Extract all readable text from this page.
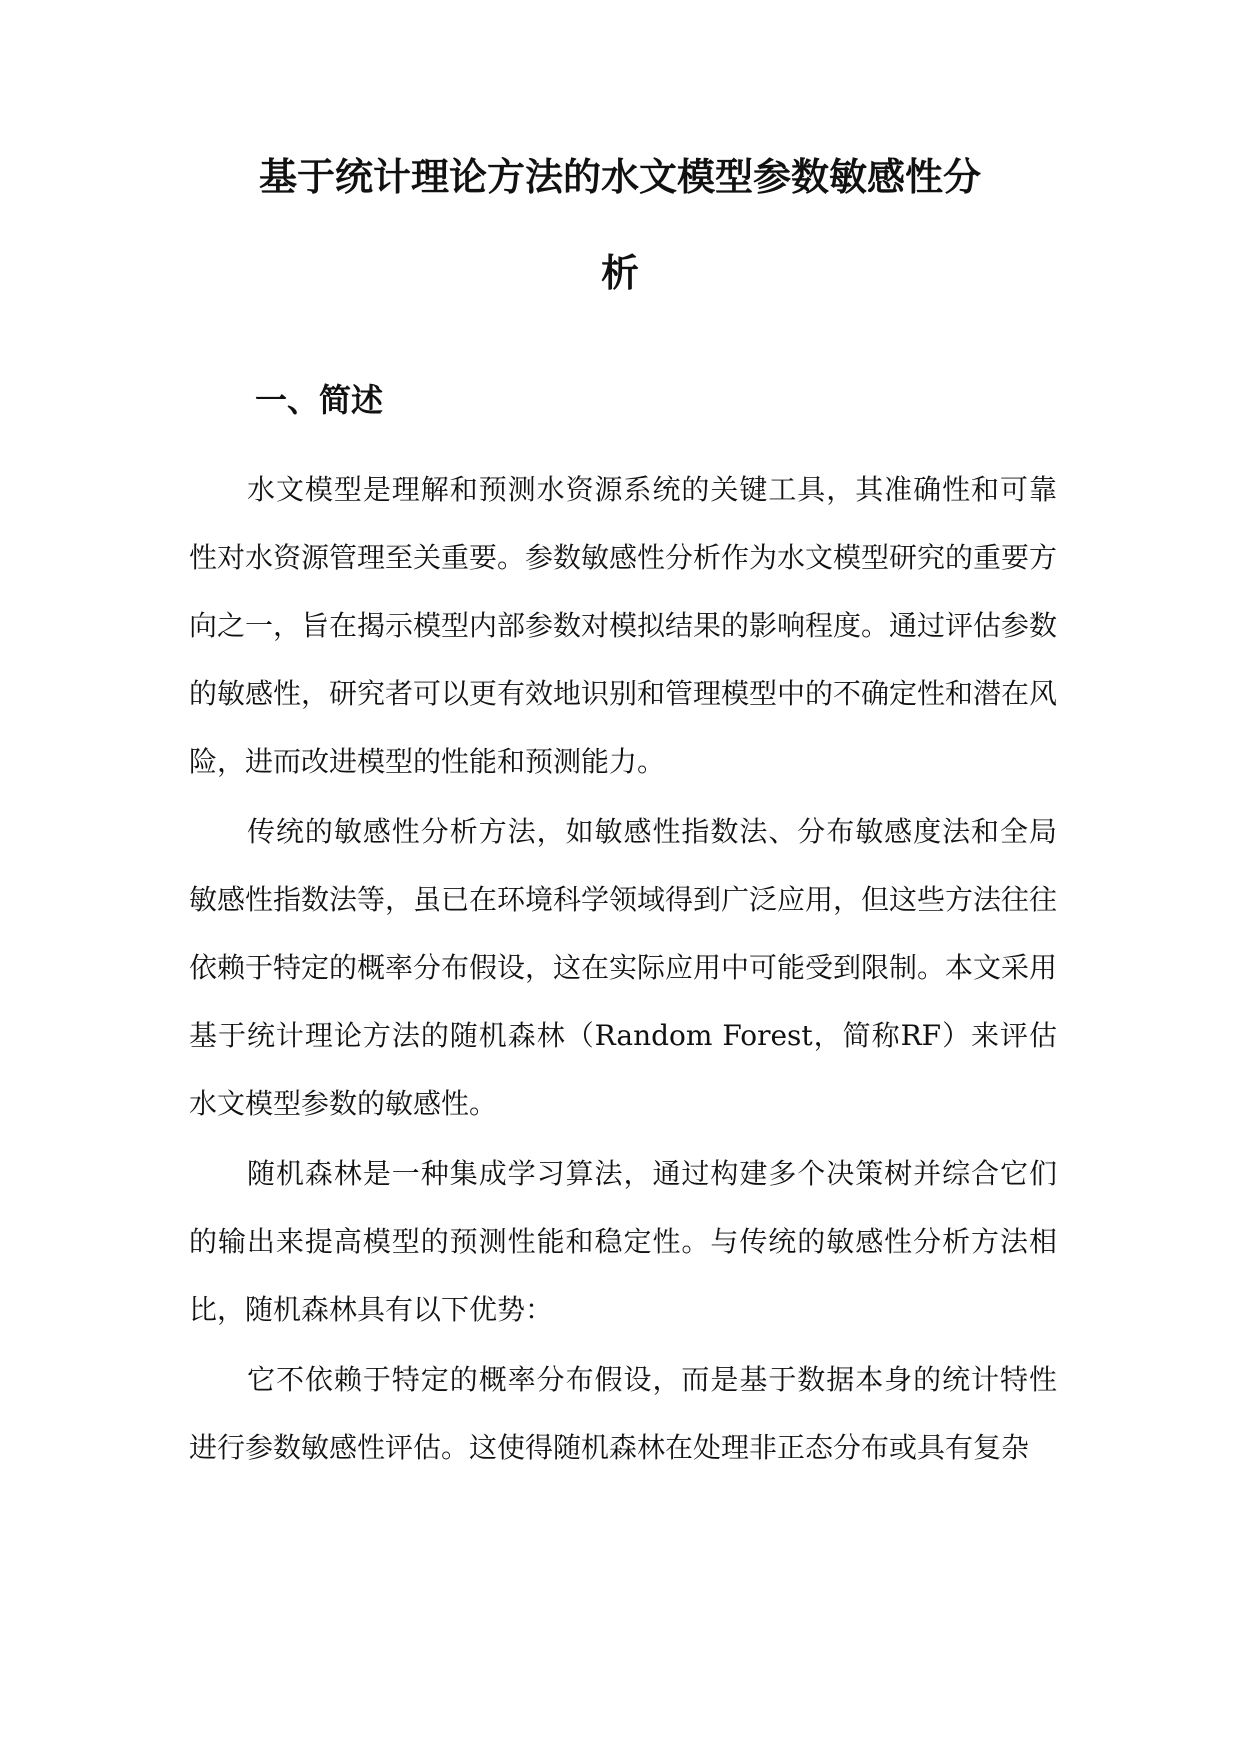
基于统计理论方法的水文模型参数敏感性分
析
一、简述

水文模型是理解和预测水资源系统的关键工具，其准确性和可靠性对水资源管理至关重要。参数敏感性分析作为水文模型研究的重要方向之一，旨在揭示模型内部参数对模拟结果的影响程度。通过评估参数的敏感性，研究者可以更有效地识别和管理模型中的不确定性和潜在风险，进而改进模型的性能和预测能力。

传统的敏感性分析方法，如敏感性指数法、分布敏感度法和全局敏感性指数法等，虽已在环境科学领域得到广泛应用，但这些方法往往依赖于特定的概率分布假设，这在实际应用中可能受到限制。本文采用基于统计理论方法的随机森林（Random Forest，简称RF）来评估水文模型参数的敏感性。

随机森林是一种集成学习算法，通过构建多个决策树并综合它们的输出来提高模型的预测性能和稳定性。与传统的敏感性分析方法相比，随机森林具有以下优势：

它不依赖于特定的概率分布假设，而是基于数据本身的统计特性进行参数敏感性评估。这使得随机森林在处理非正态分布或具有复杂
